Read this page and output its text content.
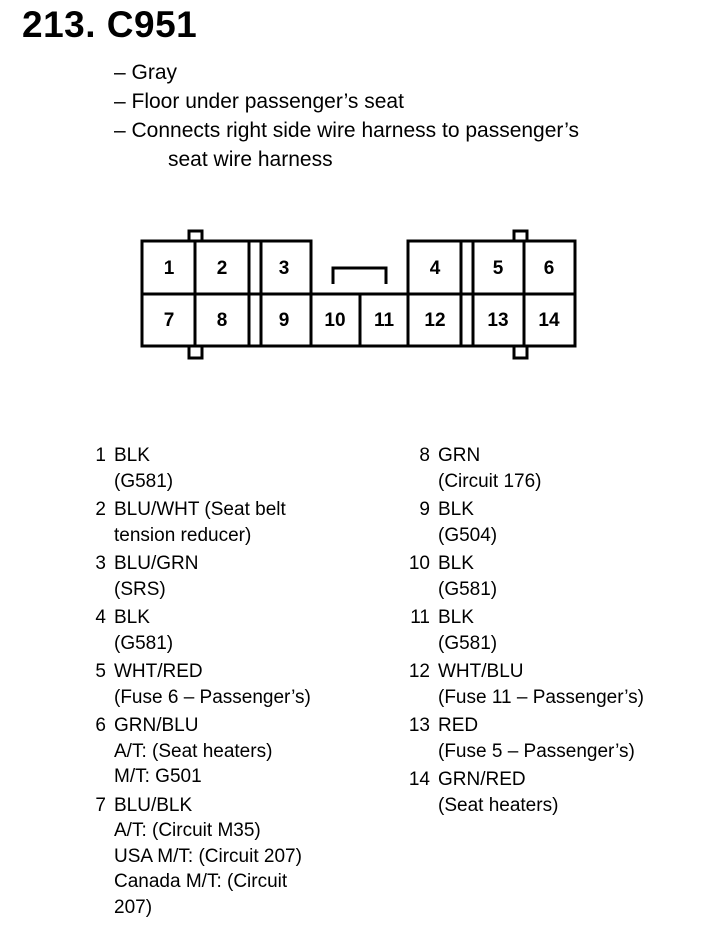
213. C951
– Gray
– Floor under passenger’s seat
– Connects right side wire harness to passenger’s
seat wire harness
1 2	3	4	5 6
7 8	9 10 11 12 13 14
1 BLK
(G581)
2 BLU/WHT (Seat belt
tension reducer)
3 BLU/GRN
(SRS)
4 BLK
(G581)
5 WHT/RED
(Fuse 6 – Passenger’s)
6 GRN/BLU
A/T: (Seat heaters)
M/T: G501
7 BLU/BLK
A/T: (Circuit M35)
USA M/T: (Circuit 207)
Canada M/T: (Circuit
207)
8 GRN
(Circuit 176)
9 BLK
(G504)
10 BLK
(G581)
11 BLK
(G581)
12 WHT/BLU
(Fuse 11 – Passenger’s)
13 RED
(Fuse 5 – Passenger’s)
14 GRN/RED
(Seat heaters)
